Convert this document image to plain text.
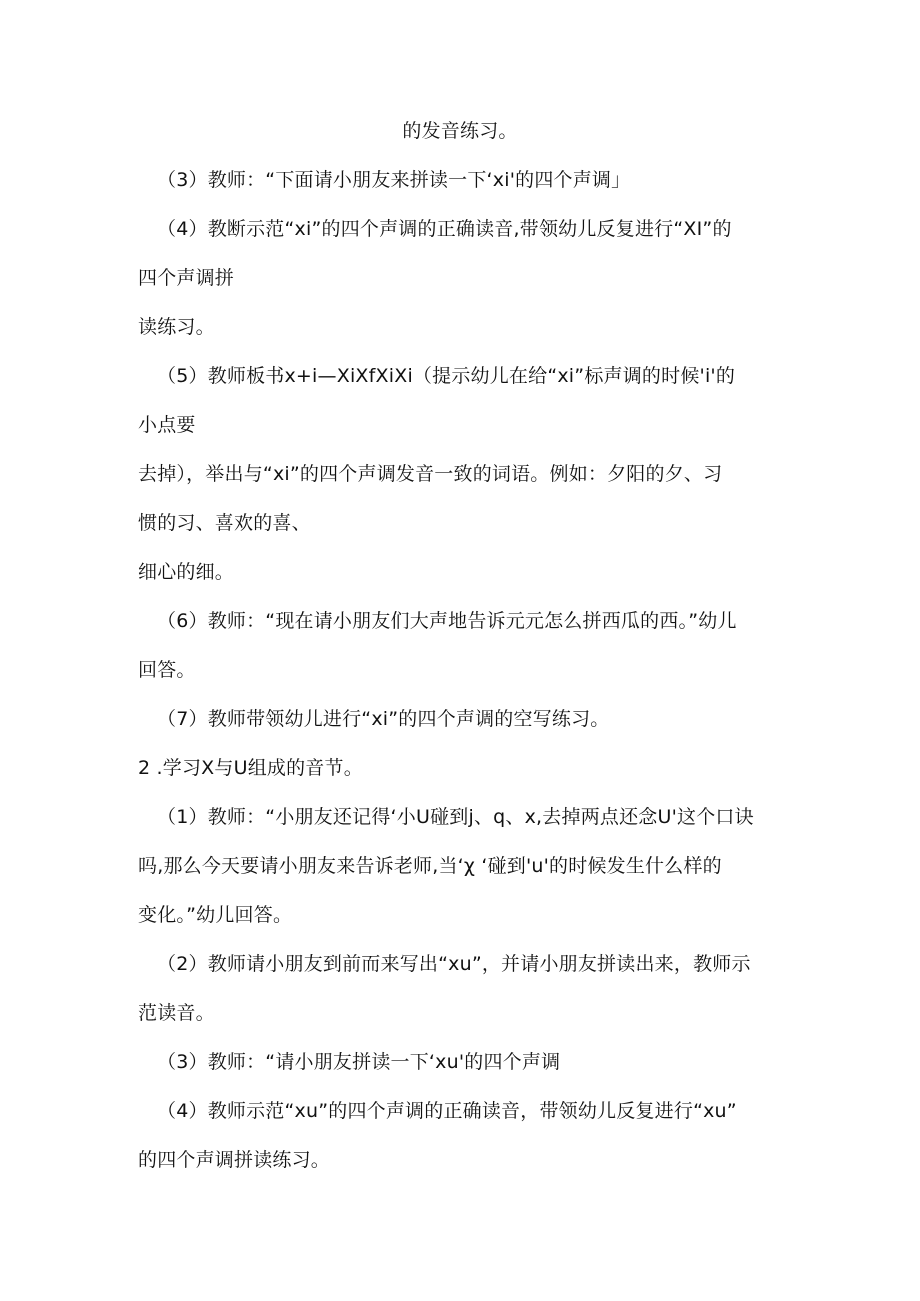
的发音练习。
（3）教师：“下面请小朋友来拼读一下‘xi'的四个声调」
（4）教断示范“xi”的四个声调的正确读音,带领幼儿反复进行“XI”的
四个声调拼
读练习。
（5）教师板书x+i—XiXfXiXi（提示幼儿在给“xi”标声调的时候'i'的
小点要
去掉），举出与“xi”的四个声调发音一致的词语。例如：夕阳的夕、习
惯的习、喜欢的喜、
细心的细。
（6）教师：“现在请小朋友们大声地告诉元元怎么拼西瓜的西。”幼儿
回答。
（7）教师带领幼儿进行“xi”的四个声调的空写练习。
2 .学习X与U组成的音节。
（1）教师：“小朋友还记得‘小U碰到j、q、x,去掉两点还念U'这个口诀
吗,那么今天要请小朋友来告诉老师,当‘χ ‘碰到'u'的时候发生什么样的
变化。”幼儿回答。
（2）教师请小朋友到前而来写出“xu”，并请小朋友拼读出来，教师示
范读音。
（3）教师：“请小朋友拼读一下‘xu'的四个声调
（4）教师示范“xu”的四个声调的正确读音，带领幼儿反复进行“xu”
的四个声调拼读练习。
